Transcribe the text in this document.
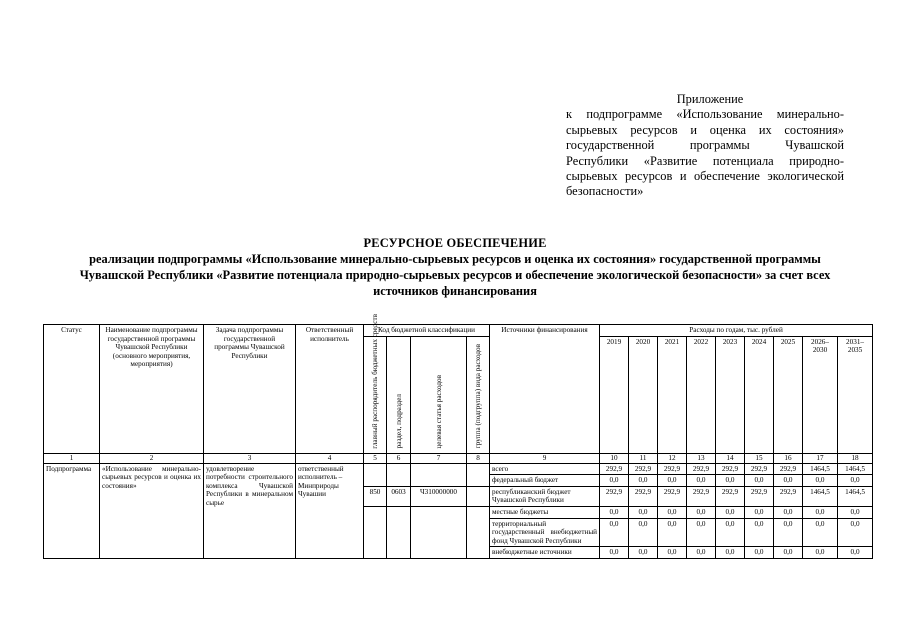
Приложение
к подпрограмме «Использование минерально-сырьевых ресурсов и оценка их состояния» государственной программы Чувашской Республики «Развитие потенциала природно-сырьевых ресурсов и обеспечение экологической безопасности»
РЕСУРСНОЕ ОБЕСПЕЧЕНИЕ
реализации подпрограммы «Использование минерально-сырьевых ресурсов и оценка их состояния» государственной программы Чувашской Республики «Развитие потенциала природно-сырьевых ресурсов и обеспечение экологической безопасности» за счет всех источников финансирования
Статус	Наименование подпрограммы государственной программы Чувашской Республики (основного мероприятия, мероприятия)	Задача подпрограммы государственной программы Чувашской Республики	Ответственный исполнитель	Код бюджетной классификации				Источники финансирования	Расходы по годам, тыс. рублей								

				главный распорядитель бюджетных средств	раздел, подраздел	целевая статья расходов	группа (подгруппа) вида расходов		2019	2020	2021	2022	2023	2024	2025	2026–2030	2031–2035
1	2	3	4	5	6	7	8	9	10	11	12	13	14	15	16	17	18
Подпрограмма	«Использование минерально-сырьевых ресурсов и оценка их состояния»	удовлетворение потребности строительного комплекса Чувашской Республики в минеральном сырье	ответственный исполнитель – Минприроды Чувашии					всего	292,9	292,9	292,9	292,9	292,9	292,9	292,9	1464,5	1464,5
								федеральный бюджет	0,0	0,0	0,0	0,0	0,0	0,0	0,0	0,0	0,0
				850	0603	Ч310000000		республиканский бюджет Чувашской Республики	292,9	292,9	292,9	292,9	292,9	292,9	292,9	1464,5	1464,5
								местные бюджеты	0,0	0,0	0,0	0,0	0,0	0,0	0,0	0,0	0,0
								территориальный государственный внебюджетный фонд Чувашской Республики	0,0	0,0	0,0	0,0	0,0	0,0	0,0	0,0	0,0
								внебюджетные источники	0,0	0,0	0,0	0,0	0,0	0,0	0,0	0,0	0,0
